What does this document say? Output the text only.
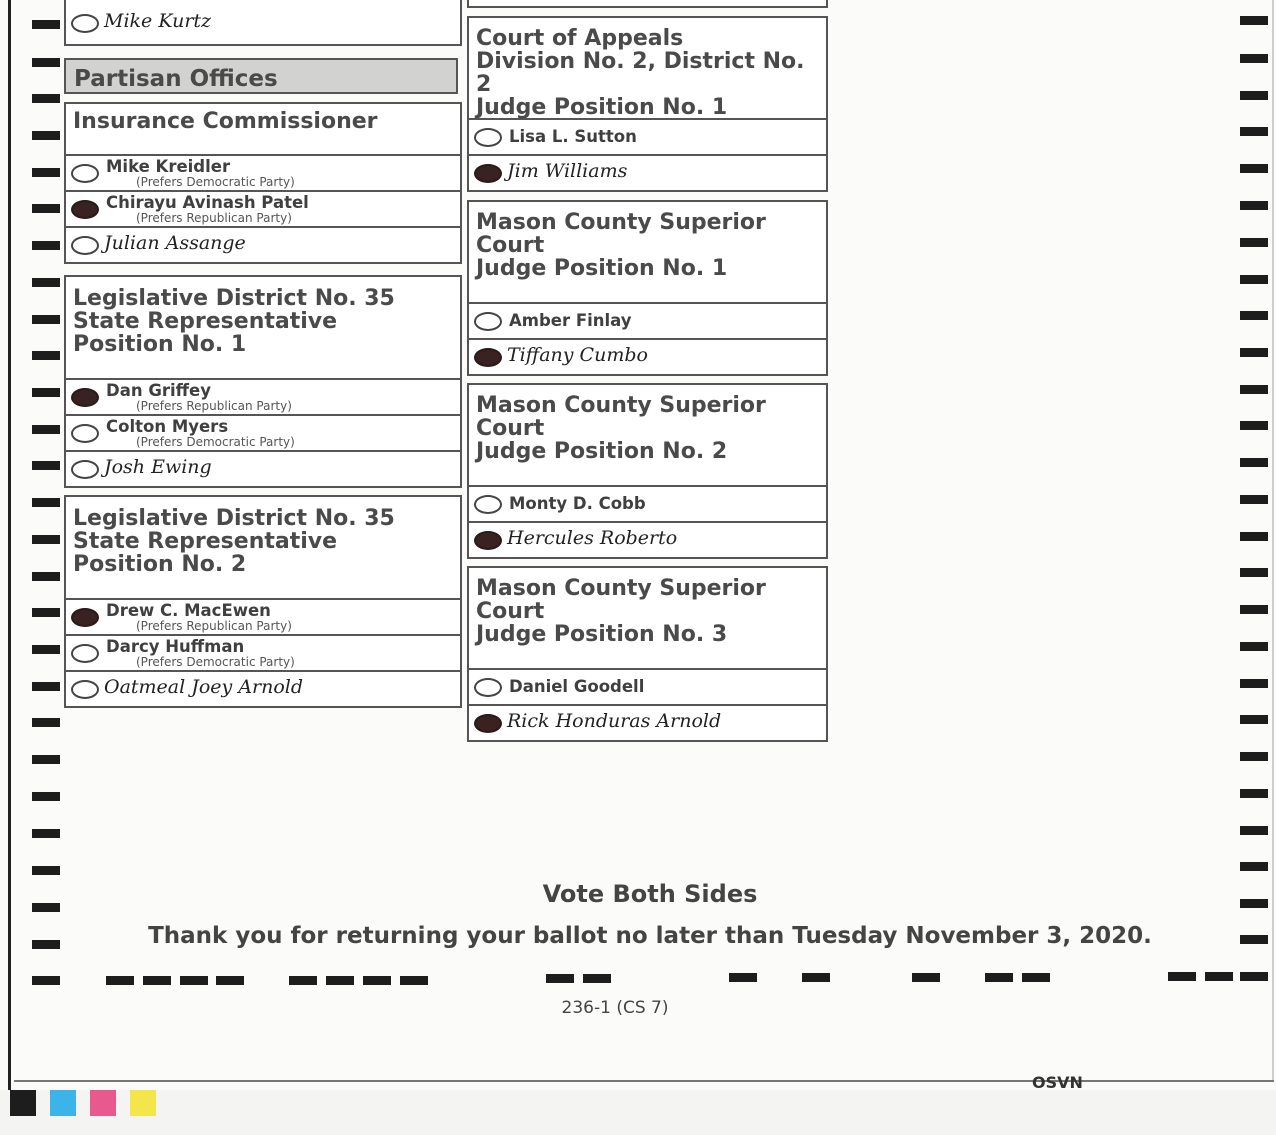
Mike Kurtz
Partisan Offices
Insurance Commissioner
Mike Kreidler
(Prefers Democratic Party)
Chirayu Avinash Patel
(Prefers Republican Party)
Julian Assange
Legislative District No. 35
State Representative
Position No. 1
Dan Griffey
(Prefers Republican Party)
Colton Myers
(Prefers Democratic Party)
Josh Ewing
Legislative District No. 35
State Representative
Position No. 2
Drew C. MacEwen
(Prefers Republican Party)
Darcy Huffman
(Prefers Democratic Party)
Oatmeal Joey Arnold
Court of Appeals
Division No. 2, District No. 2
Judge Position No. 1
Lisa L. Sutton
Jim Williams
Mason County Superior Court
Judge Position No. 1
Amber Finlay
Tiffany Cumbo
Mason County Superior Court
Judge Position No. 2
Monty D. Cobb
Hercules Roberto
Mason County Superior Court
Judge Position No. 3
Daniel Goodell
Rick Honduras Arnold
Vote Both Sides
Thank you for returning your ballot no later than Tuesday November 3, 2020.
236-1 (CS 7)
OSVN
